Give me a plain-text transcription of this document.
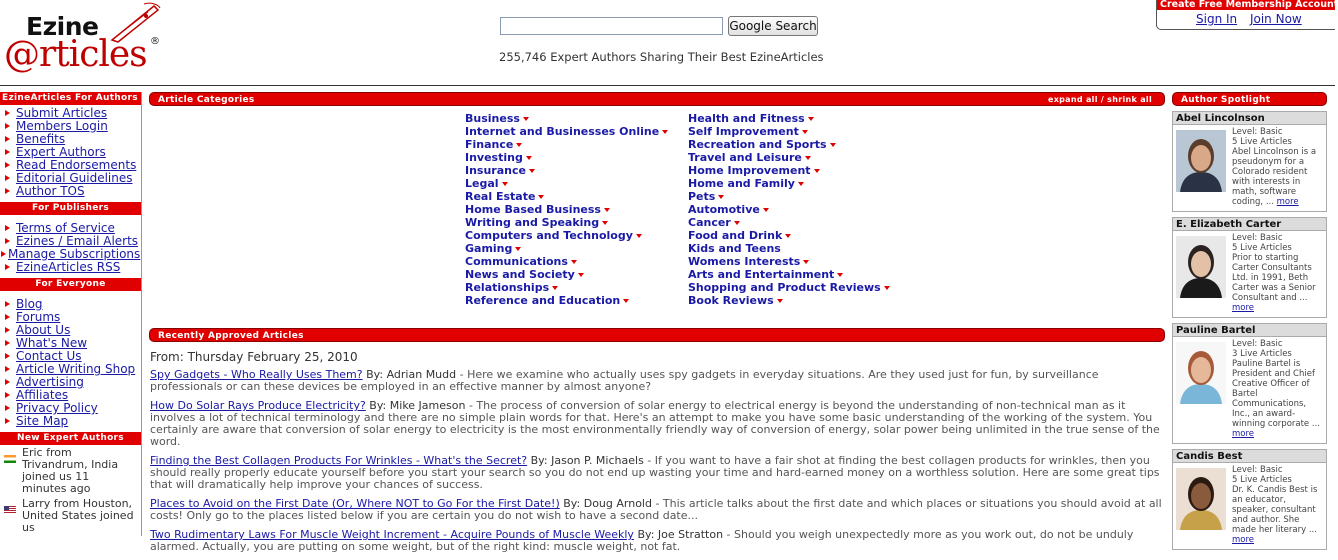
Ezine
@rticles ®
Google Search
255,746 Expert Authors Sharing Their Best EzineArticles
Create Free Membership Account
Sign In Join Now
EzineArticles For Authors
Submit Articles
Members Login
Benefits
Expert Authors
Read Endorsements
Editorial Guidelines
Author TOS
For Publishers
Terms of Service
Ezines / Email Alerts
Manage Subscriptions
EzineArticles RSS
For Everyone
Blog
Forums
About Us
What's New
Contact Us
Article Writing Shop
Advertising
Affiliates
Privacy Policy
Site Map
New Expert Authors
Eric from Trivandrum, India joined us 11 minutes ago
Larry from Houston, United States joined us
Article Categories	expand all / shrink all
Business
Internet and Businesses Online
Finance
Investing
Insurance
Legal
Real Estate
Home Based Business
Writing and Speaking
Computers and Technology
Gaming
Communications
News and Society
Relationships
Reference and Education
Health and Fitness
Self Improvement
Recreation and Sports
Travel and Leisure
Home Improvement
Home and Family
Pets
Automotive
Cancer
Food and Drink
Kids and Teens
Womens Interests
Arts and Entertainment
Shopping and Product Reviews
Book Reviews
Recently Approved Articles
From: Thursday February 25, 2010
Spy Gadgets - Who Really Uses Them? By: Adrian Mudd - Here we examine who actually uses spy gadgets in everyday situations. Are they used just for fun, by surveillance professionals or can these devices be employed in an effective manner by almost anyone?
How Do Solar Rays Produce Electricity? By: Mike Jameson - The process of conversion of solar energy to electrical energy is beyond the understanding of non-technical man as it involves a lot of technical terminology and there are no simple plain words for that. Here's an attempt to make you have some basic understanding of the working of the system. You certainly are aware that conversion of solar energy to electricity is the most environmentally friendly way of conversion of energy, solar power being unlimited in the true sense of the word.
Finding the Best Collagen Products For Wrinkles - What's the Secret? By: Jason P. Michaels - If you want to have a fair shot at finding the best collagen products for wrinkles, then you should really properly educate yourself before you start your search so you do not end up wasting your time and hard-earned money on a worthless solution. Here are some great tips that will dramatically help improve your chances of success.
Places to Avoid on the First Date (Or, Where NOT to Go For the First Date!) By: Doug Arnold - This article talks about the first date and which places or situations you should avoid at all costs! Only go to the places listed below if you are certain you do not wish to have a second date...
Two Rudimentary Laws For Muscle Weight Increment - Acquire Pounds of Muscle Weekly By: Joe Stratton - Should you weigh unexpectedly more as you work out, do not be unduly alarmed. Actually, you are putting on some weight, but of the right kind: muscle weight, not fat.
Author Spotlight
Abel Lincolnson
Level: Basic
5 Live Articles
Abel Lincolnson is a pseudonym for a Colorado resident with interests in math, software coding, ... more
E. Elizabeth Carter
Level: Basic
5 Live Articles
Prior to starting Carter Consultants Ltd. in 1991, Beth Carter was a Senior Consultant and ... more
Pauline Bartel
Level: Basic
3 Live Articles
Pauline Bartel is President and Chief Creative Officer of Bartel Communications, Inc., an award-winning corporate ... more
Candis Best
Level: Basic
5 Live Articles
Dr. K. Candis Best is an educator, speaker, consultant and author. She made her literary ... more
